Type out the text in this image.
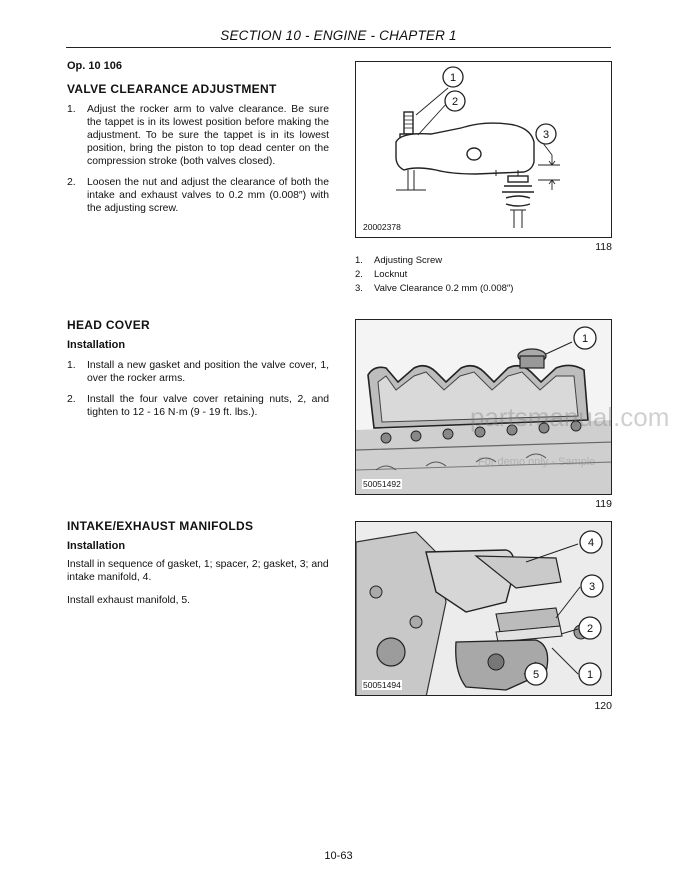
SECTION 10 - ENGINE - CHAPTER 1
Op. 10 106
VALVE CLEARANCE ADJUSTMENT
1.	Adjust the rocker arm to valve clearance. Be sure the tappet is in its lowest position before making the adjustment. To be sure the tappet is in its lowest position, bring the piston to top dead center on the compression stroke (both valves closed).
2.	Loosen the nut and adjust the clearance of both the intake and exhaust valves to 0.2 mm (0.008″) with the adjusting screw.
1
2
3
20002378
118
1.	Adjusting Screw
2.	Locknut
3.	Valve Clearance 0.2 mm (0.008″)
HEAD COVER
Installation
1.	Install a new gasket and position the valve cover, 1, over the rocker arms.
2.	Install the four valve cover retaining nuts, 2, and tighten to 12 - 16 N·m (9 - 19 ft. lbs.).
1
50051492
119
partsmanual.com
For demo only - Sample
INTAKE/EXHAUST MANIFOLDS
Installation
Install in sequence of gasket, 1; spacer, 2; gasket, 3; and intake manifold, 4.
Install exhaust manifold, 5.
4
3
2
5	1
50051494
120
10-63
